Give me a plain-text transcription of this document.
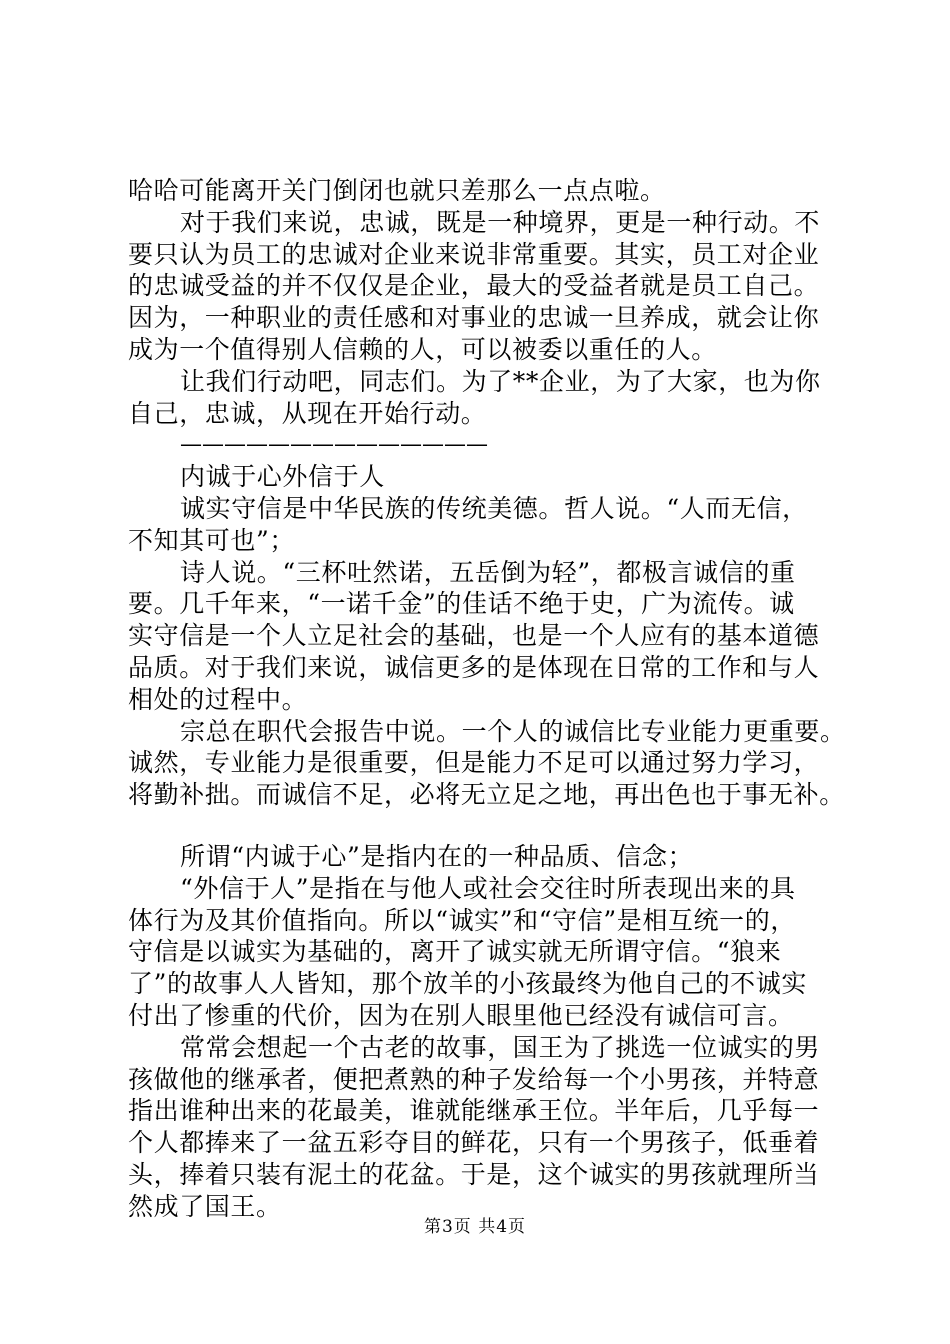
哈哈可能离开关门倒闭也就只差那么一点点啦。
对于我们来说，忠诚，既是一种境界，更是一种行动。不
要只认为员工的忠诚对企业来说非常重要。其实，员工对企业
的忠诚受益的并不仅仅是企业，最大的受益者就是员工自己。
因为，一种职业的责任感和对事业的忠诚一旦养成，就会让你
成为一个值得别人信赖的人，可以被委以重任的人。
让我们行动吧，同志们。为了**企业，为了大家，也为你
自己，忠诚，从现在开始行动。
——————————————
内诚于心外信于人
诚实守信是中华民族的传统美德。哲人说。“人而无信，
不知其可也”；
诗人说。“三杯吐然诺，五岳倒为轻”，都极言诚信的重
要。几千年来，“一诺千金”的佳话不绝于史，广为流传。诚
实守信是一个人立足社会的基础，也是一个人应有的基本道德
品质。对于我们来说，诚信更多的是体现在日常的工作和与人
相处的过程中。
宗总在职代会报告中说。一个人的诚信比专业能力更重要。
诚然，专业能力是很重要，但是能力不足可以通过努力学习，
将勤补拙。而诚信不足，必将无立足之地，再出色也于事无补。
所谓“内诚于心”是指内在的一种品质、信念；
“外信于人”是指在与他人或社会交往时所表现出来的具
体行为及其价值指向。所以“诚实”和“守信”是相互统一的，
守信是以诚实为基础的，离开了诚实就无所谓守信。“狼来
了”的故事人人皆知，那个放羊的小孩最终为他自己的不诚实
付出了惨重的代价，因为在别人眼里他已经没有诚信可言。
常常会想起一个古老的故事，国王为了挑选一位诚实的男
孩做他的继承者，便把煮熟的种子发给每一个小男孩，并特意
指出谁种出来的花最美，谁就能继承王位。半年后，几乎每一
个人都捧来了一盆五彩夺目的鲜花，只有一个男孩子，低垂着
头，捧着只装有泥土的花盆。于是，这个诚实的男孩就理所当
然成了国王。
第3页 共4页
